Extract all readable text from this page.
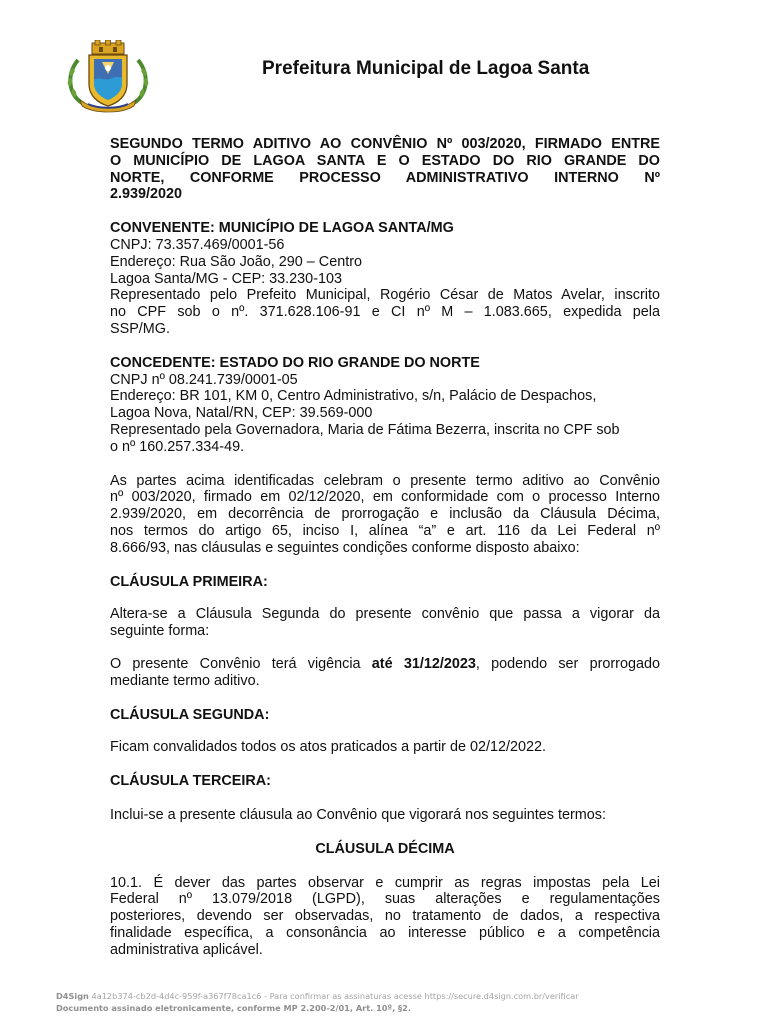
Prefeitura Municipal de Lagoa Santa

SEGUNDO TERMO ADITIVO AO CONVÊNIO Nº 003/2020, FIRMADO ENTRE

O MUNICÍPIO DE LAGOA SANTA E O ESTADO DO RIO GRANDE DO

NORTE, CONFORME PROCESSO ADMINISTRATIVO INTERNO Nº

2.939/2020

CONVENENTE: MUNICÍPIO DE LAGOA SANTA/MG

CNPJ: 73.357.469/0001-56

Endereço: Rua São João, 290 – Centro

Lagoa Santa/MG - CEP: 33.230-103

Representado pelo Prefeito Municipal, Rogério César de Matos Avelar, inscrito

no CPF sob o nº. 371.628.106-91 e CI nº M – 1.083.665, expedida pela

SSP/MG.

CONCEDENTE: ESTADO DO RIO GRANDE DO NORTE

CNPJ nº 08.241.739/0001-05

Endereço: BR 101, KM 0, Centro Administrativo, s/n, Palácio de Despachos,

Lagoa Nova, Natal/RN, CEP: 39.569-000

Representado pela Governadora, Maria de Fátima Bezerra, inscrita no CPF sob

o nº 160.257.334-49.

As partes acima identificadas celebram o presente termo aditivo ao Convênio

nº 003/2020, firmado em 02/12/2020, em conformidade com o processo Interno

2.939/2020, em decorrência de prorrogação e inclusão da Cláusula Décima,

nos termos do artigo 65, inciso I, alínea “a” e art. 116 da Lei Federal nº

8.666/93, nas cláusulas e seguintes condições conforme disposto abaixo:

CLÁUSULA PRIMEIRA:

Altera-se a Cláusula Segunda do presente convênio que passa a vigorar da

seguinte forma:

O presente Convênio terá vigência até 31/12/2023, podendo ser prorrogado

mediante termo aditivo.

CLÁUSULA SEGUNDA:

Ficam convalidados todos os atos praticados a partir de 02/12/2022.

CLÁUSULA TERCEIRA:

Inclui-se a presente cláusula ao Convênio que vigorará nos seguintes termos:

CLÁUSULA DÉCIMA

10.1. É dever das partes observar e cumprir as regras impostas pela Lei

Federal nº 13.079/2018 (LGPD), suas alterações e regulamentações

posteriores, devendo ser observadas, no tratamento de dados, a respectiva

finalidade específica, a consonância ao interesse público e a competência

administrativa aplicável.

D4Sign 4a12b374-cb2d-4d4c-959f-a367f78ca1c6 - Para confirmar as assinaturas acesse https://secure.d4sign.com.br/verificar
Documento assinado eletronicamente, conforme MP 2.200-2/01, Art. 10º, §2.
